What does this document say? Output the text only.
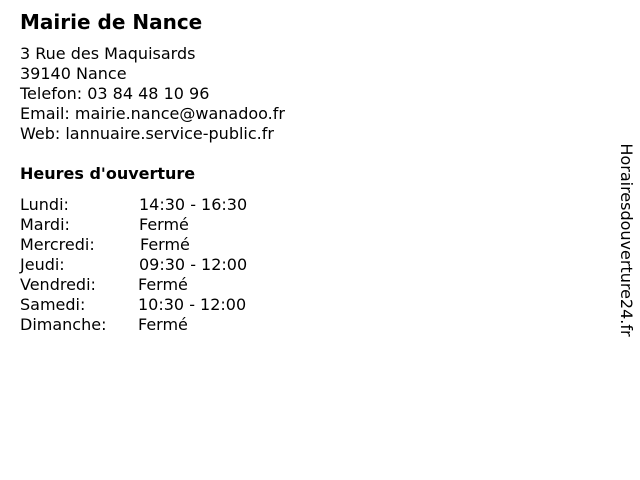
Mairie de Nance
3 Rue des Maquisards
39140 Nance
Telefon: 03 84 48 10 96
Email: mairie.nance@wanadoo.fr
Web: lannuaire.service-public.fr
Heures d'ouverture
Lundi:	14:30 - 16:30
Mardi:	Fermé
Mercredi:	Fermé
Jeudi:	09:30 - 12:00
Vendredi:	Fermé
Samedi:	10:30 - 12:00
Dimanche: Fermé	Horairesdouverture24.fr
